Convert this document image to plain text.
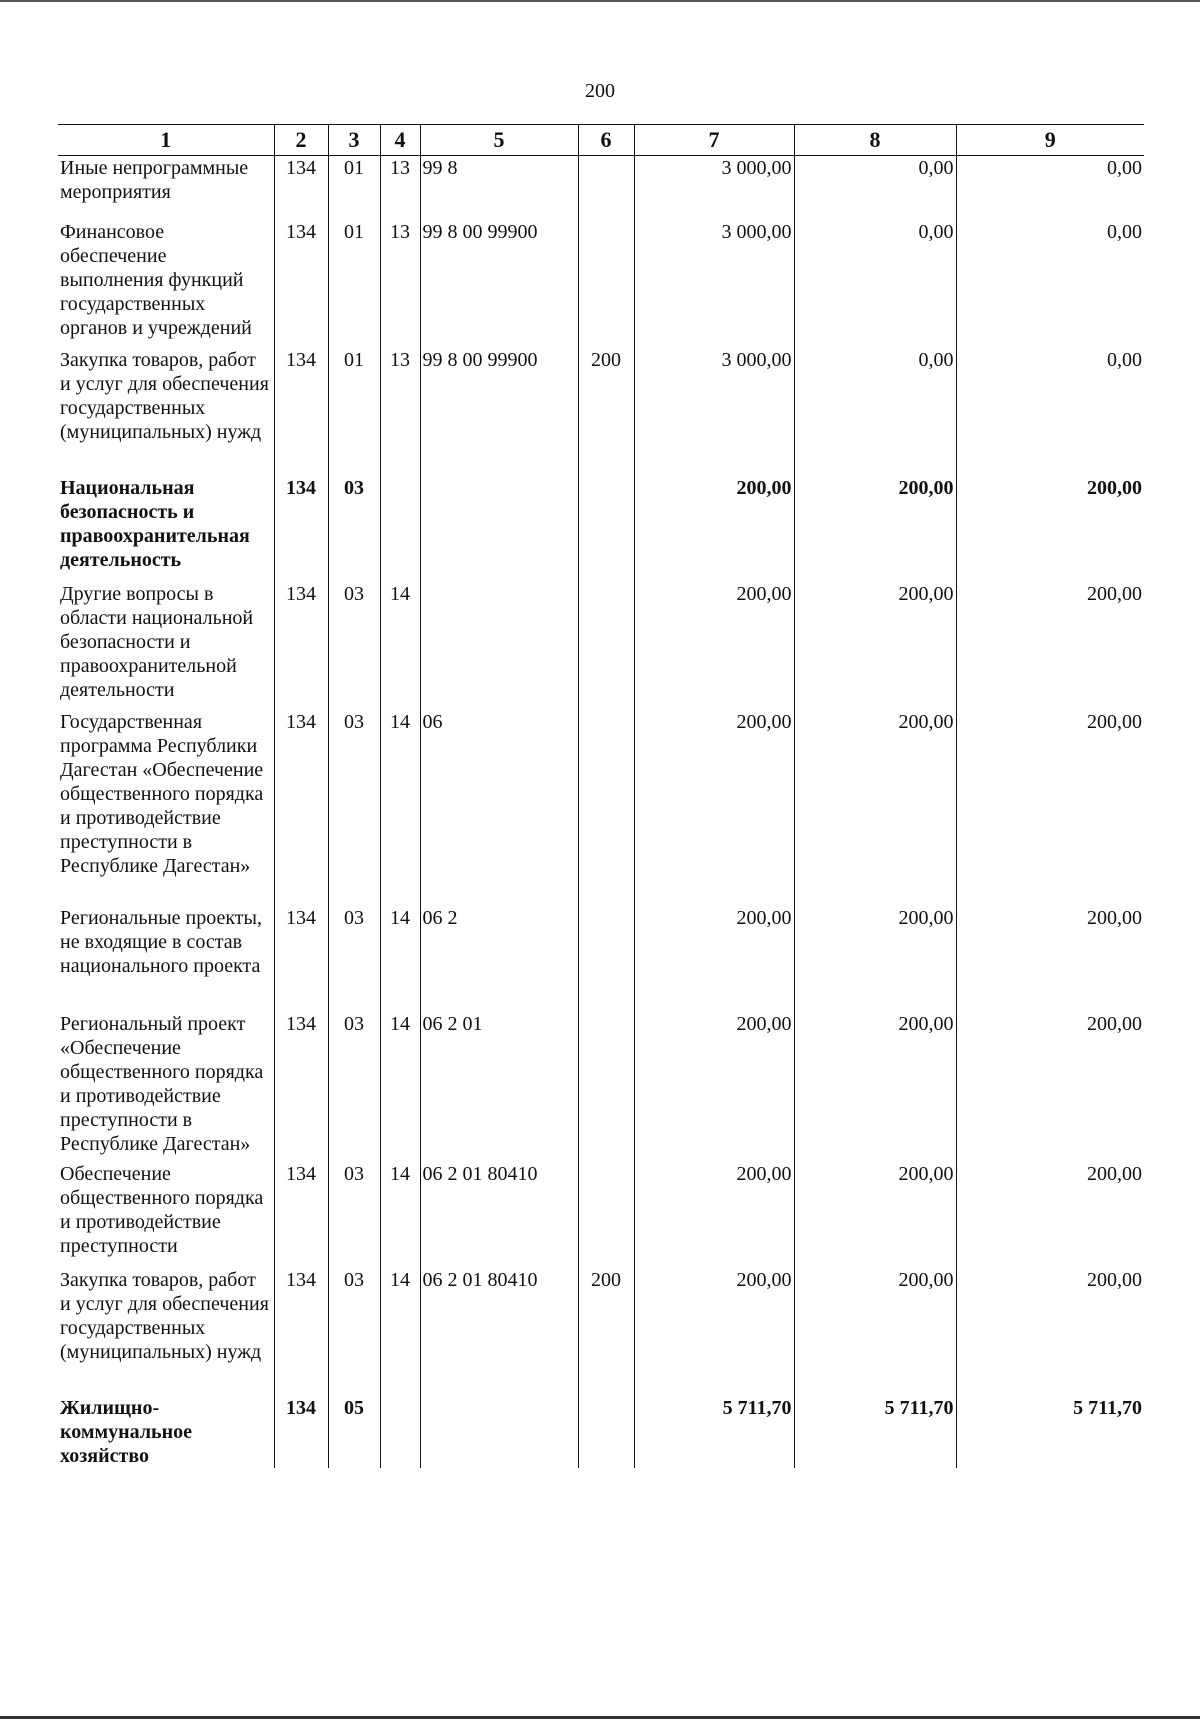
200
1	2	3	4	5	6	7	8	9
Иные непрограммные мероприятия	134	01	13	99 8		3 000,00	0,00	0,00
Финансовое обеспечение выполнения функций государственных органов и учреждений	134	01	13	99 8 00 99900		3 000,00	0,00	0,00
Закупка товаров, работ и услуг для обеспечения государственных (муниципальных) нужд	134	01	13	99 8 00 99900	200	3 000,00	0,00	0,00
Национальная безопасность и правоохранительная деятельность	134	03				200,00	200,00	200,00
Другие вопросы в области национальной безопасности и правоохранительной деятельности	134	03	14			200,00	200,00	200,00
Государственная программа Республики Дагестан «Обеспечение общественного порядка и противодействие преступности в Республике Дагестан»	134	03	14	06		200,00	200,00	200,00
Региональные проекты, не входящие в состав национального проекта	134	03	14	06 2		200,00	200,00	200,00
Региональный проект «Обеспечение общественного порядка и противодействие преступности в Республике Дагестан»	134	03	14	06 2 01		200,00	200,00	200,00
Обеспечение общественного порядка и противодействие преступности	134	03	14	06 2 01 80410		200,00	200,00	200,00
Закупка товаров, работ и услуг для обеспечения государственных (муниципальных) нужд	134	03	14	06 2 01 80410	200	200,00	200,00	200,00
Жилищно-коммунальное хозяйство	134	05				5 711,70	5 711,70	5 711,70
